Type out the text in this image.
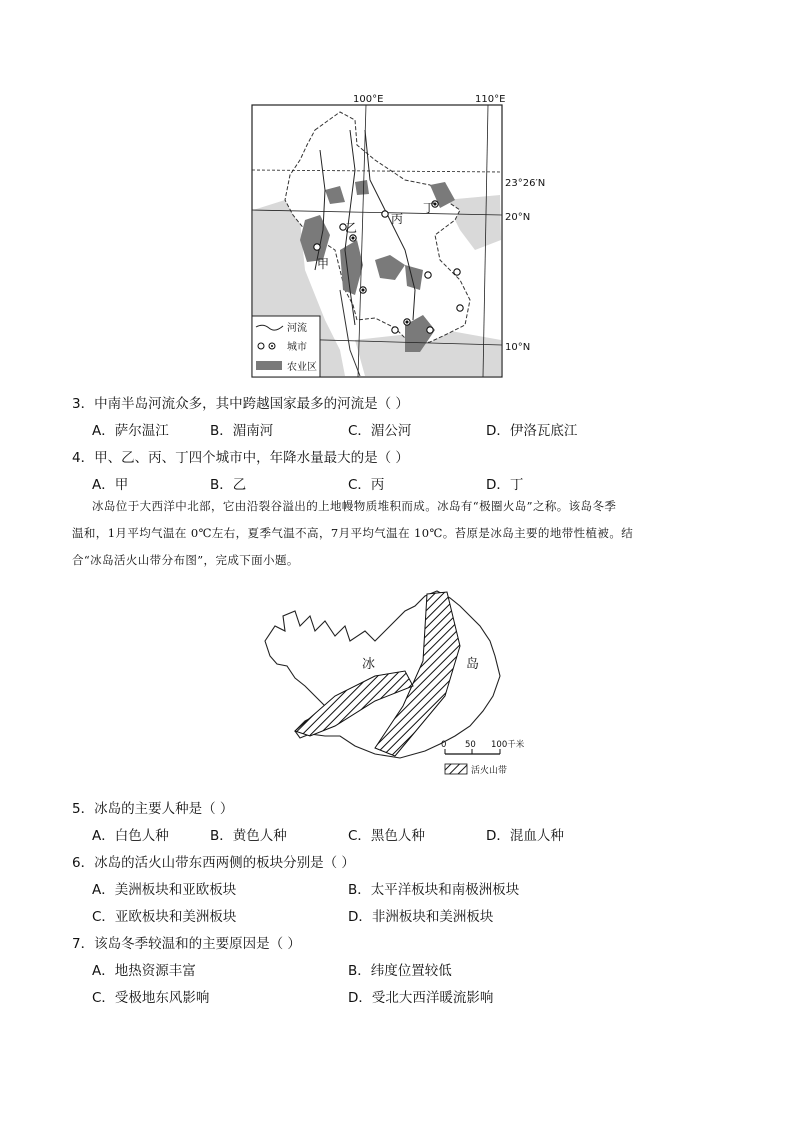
100°E	110°E
23°26′N
20°N
10°N
乙
丙
甲
丁
河流
城市
农业区
3．中南半岛河流众多，其中跨越国家最多的河流是（ ）
A．萨尔温江	B．湄南河	C．湄公河	D．伊洛瓦底江
4．甲、乙、丙、丁四个城市中，年降水量最大的是（ ）
A．甲	B．乙	C．丙	D．丁
冰岛位于大西洋中北部，它由沿裂谷溢出的上地幔物质堆积而成。冰岛有“极圈火岛”之称。该岛冬季
温和，1月平均气温在 0℃左右，夏季气温不高，7月平均气温在 10℃。苔原是冰岛主要的地带性植被。结
合“冰岛活火山带分布图”，完成下面小题。
冰	岛
0 50 100千米
活火山带
5．冰岛的主要人种是（ ）
A．白色人种	B．黄色人种	C．黑色人种	D．混血人种
6．冰岛的活火山带东西两侧的板块分别是（ ）
A．美洲板块和亚欧板块	B．太平洋板块和南极洲板块
C．亚欧板块和美洲板块	D．非洲板块和美洲板块
7．该岛冬季较温和的主要原因是（ ）
A．地热资源丰富	B．纬度位置较低
C．受极地东风影响	D．受北大西洋暖流影响
